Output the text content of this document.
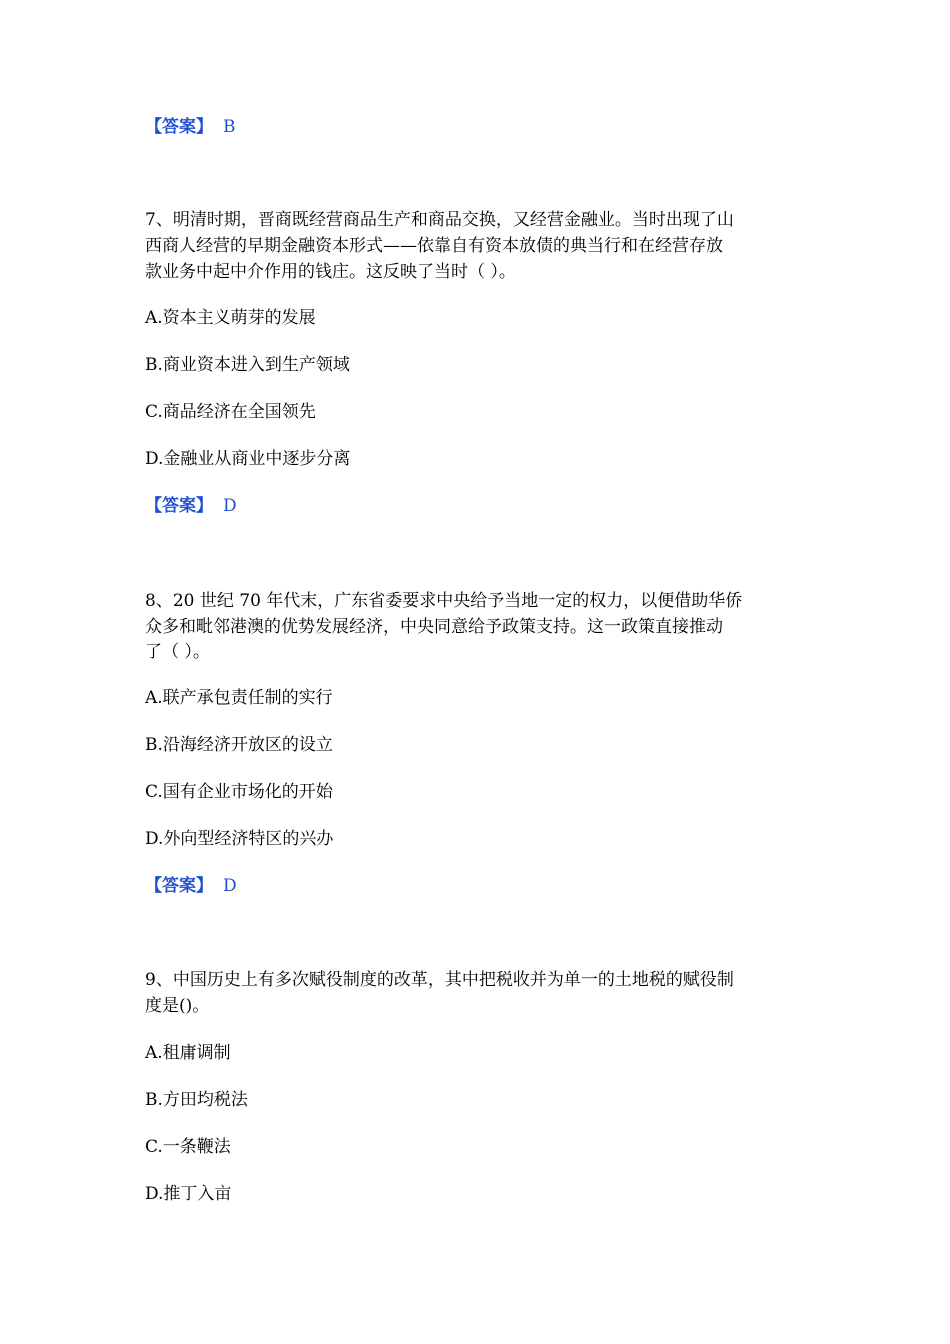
【答案】 B
7、明清时期，晋商既经营商品生产和商品交换，又经营金融业。当时出现了山
西商人经营的早期金融资本形式——依靠自有资本放债的典当行和在经营存放
款业务中起中介作用的钱庄。这反映了当时（ ）。
A.资本主义萌芽的发展
B.商业资本进入到生产领域
C.商品经济在全国领先
D.金融业从商业中逐步分离
【答案】 D
8、20 世纪 70 年代末，广东省委要求中央给予当地一定的权力，以便借助华侨
众多和毗邻港澳的优势发展经济，中央同意给予政策支持。这一政策直接推动
了（ ）。
A.联产承包责任制的实行
B.沿海经济开放区的设立
C.国有企业市场化的开始
D.外向型经济特区的兴办
【答案】 D
9、中国历史上有多次赋役制度的改革，其中把税收并为单一的土地税的赋役制
度是()。
A.租庸调制
B.方田均税法
C.一条鞭法
D.推丁入亩
